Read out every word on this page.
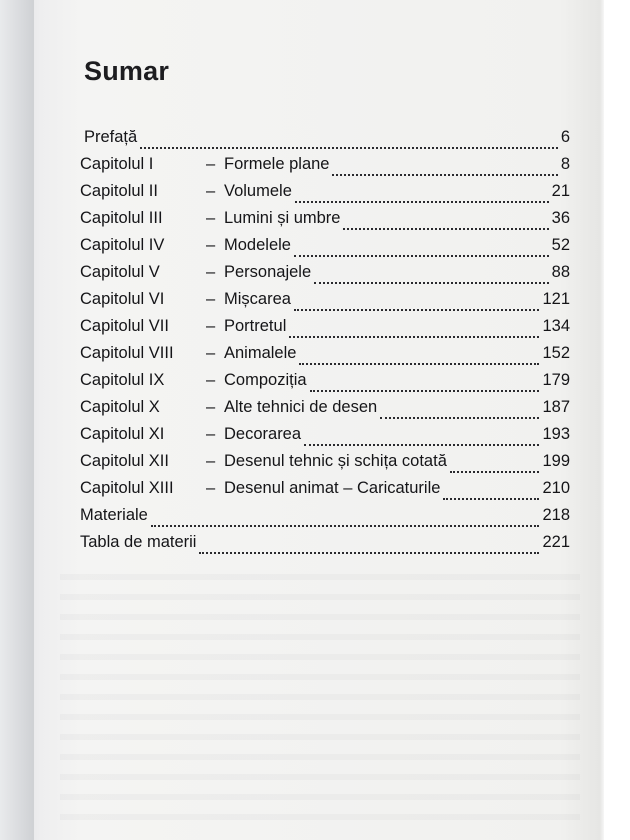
Sumar
Prefață	6
Capitolul I	– Formele plane	8
Capitolul II	– Volumele	21
Capitolul III	– Lumini și umbre	36
Capitolul IV	– Modelele	52
Capitolul V	– Personajele	88
Capitolul VI	– Mișcarea	121
Capitolul VII	– Portretul	134
Capitolul VIII	– Animalele	152
Capitolul IX	– Compoziția	179
Capitolul X	– Alte tehnici de desen	187
Capitolul XI	– Decorarea	193
Capitolul XII	– Desenul tehnic și schița cotată	199
Capitolul XIII	– Desenul animat – Caricaturile	210
Materiale	218
Tabla de materii	221
